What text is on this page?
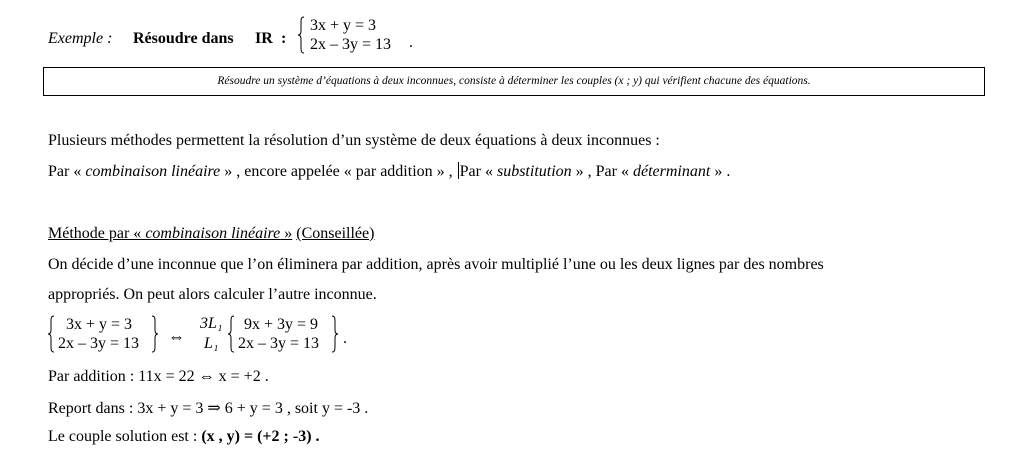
Exemple : Résoudre dans IR :
3x + y = 3
2x – 3y = 13 .
Résoudre un système d’équations à deux inconnues, consiste à déterminer les couples (x ; y) qui vérifient chacune des équations.
Plusieurs méthodes permettent la résolution d’un système de deux équations à deux inconnues :
Par « combinaison linéaire » , encore appelée « par addition » , Par « substitution » , Par « déterminant » .
Méthode par « combinaison linéaire » (Conseillée)
On décide d’une inconnue que l’on éliminera par addition, après avoir multiplié l’une ou les deux lignes par des nombres
appropriés. On peut alors calculer l’autre inconnue.
3x + y = 3
2x – 3y = 13 ⇔
3L₁
L₁
9x + 3y = 9
2x – 3y = 13 .
Par addition : 11x = 22 ⇔ x = +2 .
Report dans : 3x + y = 3 ⇒ 6 + y = 3 , soit y = -3 .
Le couple solution est : (x , y) = (+2 ; -3) .
